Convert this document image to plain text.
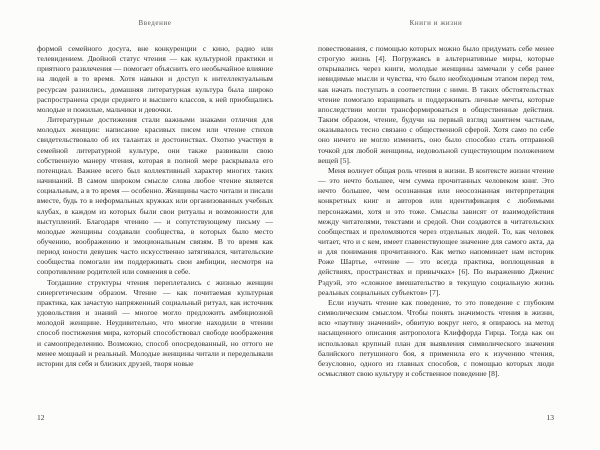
Введение

формой семейного досуга, вне конкуренции с кино, радио или телевидением. Двойной статус чтения — как культурной практики и приятного развлечения — помогает объяснить его необычайное влияние на людей в то время. Хотя навыки и доступ к интеллектуальным ресурсам разнились, домашняя литературная культура была широко распространена среди среднего и высшего классов, к ней приобщались молодые и пожилые, мальчики и девочки.

Литературные достижения стали важными знаками отличия для молодых женщин: написание красивых писем или чтение стихов свидетельствовало об их талантах и достоинствах. Охотно участвуя в семейной литературной культуре, они также развивали свою собственную манеру чтения, которая в полной мере раскрывала его потенциал. Важнее всего был коллективный характер многих таких начинаний. В самом широком смысле слова любое чтение является социальным, а в то время — особенно. Женщины часто читали и писали вместе, будь то в неформальных кружках или организованных учебных клубах, в каждом из которых были свои ритуалы и возможности для выступлений. Благодаря чтению — и сопутствующему письму — молодые женщины создавали сообщества, в которых было место обучению, воображению и эмоциональным связям. В то время как период юности девушек часто искусственно затягивался, читательские сообщества помогали им поддерживать свои амбиции, несмотря на сопротивление родителей или сомнения в себе.

Тогдашние структуры чтения переплетались с жизнью женщин синергетическим образом. Чтение — как почитаемая культурная практика, как зачастую напряженный социальный ритуал, как источник удовольствия и знаний — многое могло предложить амбициозной молодой женщине. Неудивительно, что многие находили в чтении способ постижения мира, который способствовал свободе воображения и самоопределению. Возможно, способ опосредованный, но оттого не менее мощный и реальный. Молодые женщины читали и переделывали истории для себя и близких друзей, творя новые

12
Книги и жизни

повествования, с помощью которых можно было придумать себе менее строгую жизнь [4]. Погружаясь в альтернативные миры, которые открывались через книги, молодые женщины замечали у себя ранее невидимые мысли и чувства, что было необходимым этапом перед тем, как начать поступать в соответствии с ними. В таких обстоятельствах чтение помогало взращивать и поддерживать личные мечты, которые впоследствии могли трансформироваться в общественные действия. Таким образом, чтение, будучи на первый взгляд занятием частным, оказывалось тесно связано с общественной сферой. Хотя само по себе оно ничего не могло изменить, оно было способно стать отправной точкой для любой женщины, недовольной существующим положением вещей [5].

Меня волнует общая роль чтения в жизни. В контексте жизни чтение — это нечто большее, чем сумма прочитанных человеком книг. Это нечто большее, чем осознанная или неосознанная интерпретация конкретных книг и авторов или идентификация с любимыми персонажами, хотя и это тоже. Смыслы зависят от взаимодействия между читателями, текстами и средой. Они создаются в читательских сообществах и преломляются через отдельных людей. То, как человек читает, что и с кем, имеет главенствующее значение для самого акта, да и для понимания прочитанного. Как метко напоминает нам историк Роже Шартье, «чтение — это всегда практика, воплощенная в действиях, пространствах и привычках» [6]. По выражению Дженис Рэдуэй, это «сложное вмешательство в текущую социальную жизнь реальных социальных субъектов» [7].

Если изучать чтение как поведение, то это поведение с глубоким символическим смыслом. Чтобы понять значимость чтения в жизни, всю «паутину значений», обвитую вокруг него, я опираюсь на метод насыщенного описания антрополога Клиффорда Гирца. Тогда как он использовал крупный план для выявления символического значения балийского петушиного боя, я применила его к изучению чтения, безусловно, одного из главных способов, с помощью которых люди осмысляют свою культуру и собственное поведение [8].

13
